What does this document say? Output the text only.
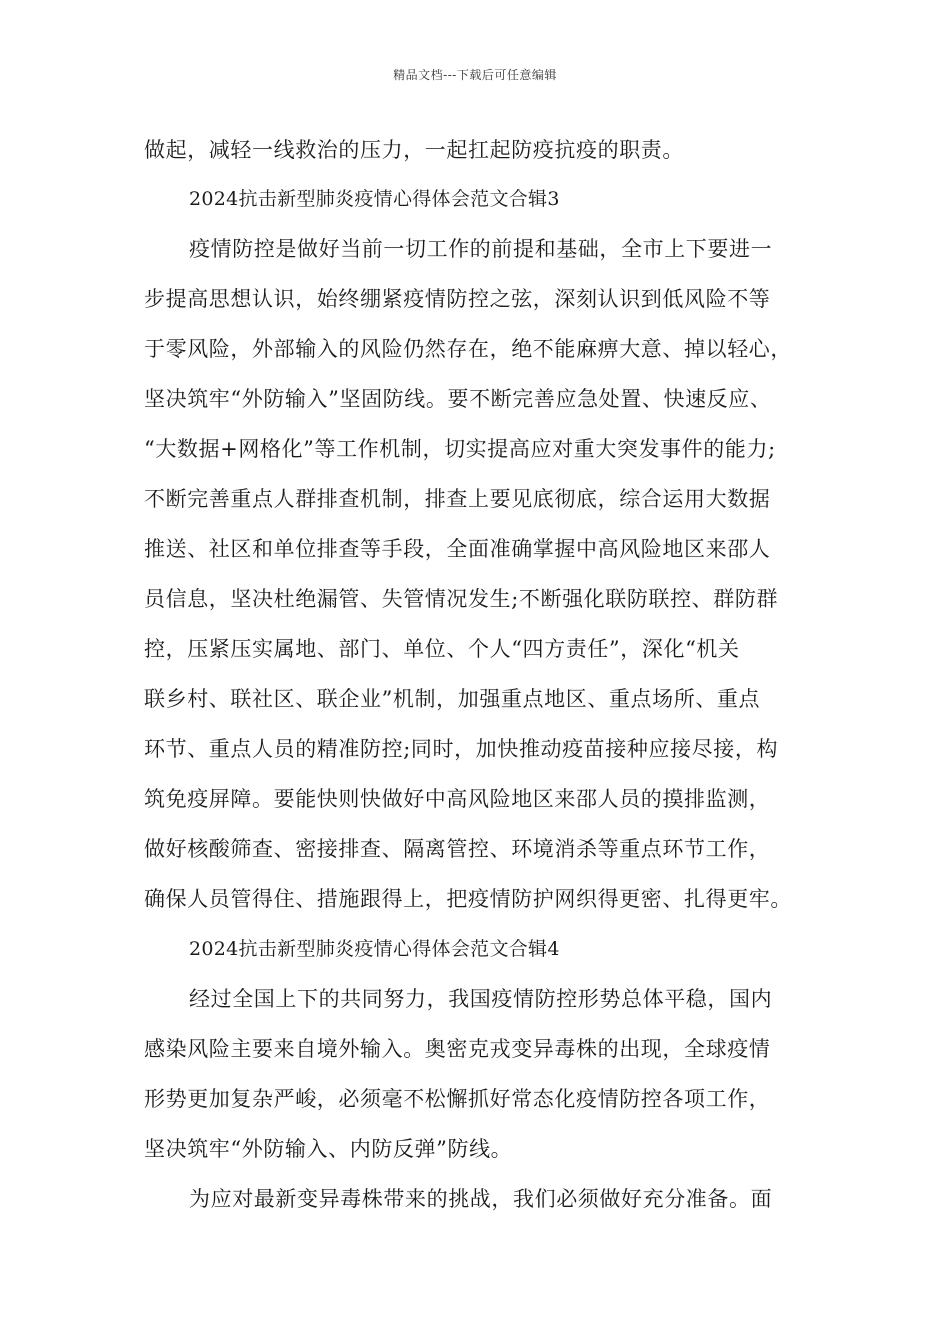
精品文档---下载后可任意编辑
做起，减轻一线救治的压力，一起扛起防疫抗疫的职责。
2024抗击新型肺炎疫情心得体会范文合辑3
疫情防控是做好当前一切工作的前提和基础，全市上下要进一
步提高思想认识，始终绷紧疫情防控之弦，深刻认识到低风险不等
于零风险，外部输入的风险仍然存在，绝不能麻痹大意、掉以轻心，
坚决筑牢“外防输入”坚固防线。要不断完善应急处置、快速反应、
“大数据+网格化”等工作机制，切实提高应对重大突发事件的能力;
不断完善重点人群排查机制，排查上要见底彻底，综合运用大数据
推送、社区和单位排查等手段，全面准确掌握中高风险地区来邵人
员信息，坚决杜绝漏管、失管情况发生;不断强化联防联控、群防群
控，压紧压实属地、部门、单位、个人“四方责任”，深化“机关
联乡村、联社区、联企业”机制，加强重点地区、重点场所、重点
环节、重点人员的精准防控;同时，加快推动疫苗接种应接尽接，构
筑免疫屏障。要能快则快做好中高风险地区来邵人员的摸排监测，
做好核酸筛查、密接排查、隔离管控、环境消杀等重点环节工作，
确保人员管得住、措施跟得上，把疫情防护网织得更密、扎得更牢。
2024抗击新型肺炎疫情心得体会范文合辑4
经过全国上下的共同努力，我国疫情防控形势总体平稳，国内
感染风险主要来自境外输入。奥密克戎变异毒株的出现，全球疫情
形势更加复杂严峻，必须毫不松懈抓好常态化疫情防控各项工作，
坚决筑牢“外防输入、内防反弹”防线。
为应对最新变异毒株带来的挑战，我们必须做好充分准备。面
